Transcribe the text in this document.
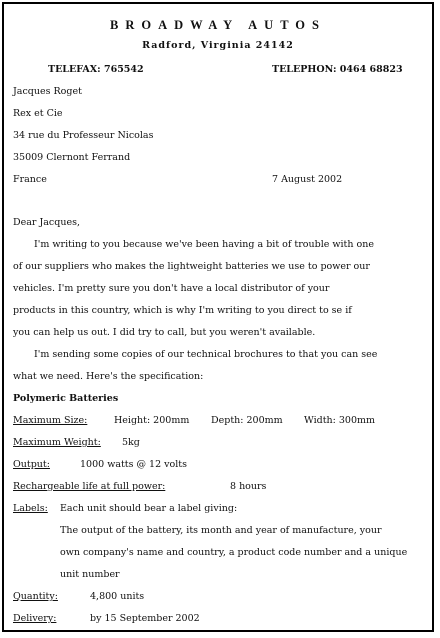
BROADWAY AUTOS
Radford, Virginia 24142
TELEFAX: 765542	TELEPHON: 0464 68823
Jacques Roget
Rex et Cie
34 rue du Professeur Nicolas
35009 Clernont Ferrand
France	7 August 2002
Dear Jacques,
I'm writing to you because we've been having a bit of trouble with one
of our suppliers who makes the lightweight batteries we use to power our
vehicles. I'm pretty sure you don't have a local distributor of your
products in this country, which is why I'm writing to you direct to se if
you can help us out. I did try to call, but you weren't available.
I'm sending some copies of our technical brochures to that you can see
what we need. Here's the specification:
Polymeric Batteries
Maximum Size:	Height: 200mm Depth: 200mm Width: 300mm
Maximum Weight: 5kg
Output:	1000 watts @ 12 volts
Rechargeable life at full power:	8 hours
Labels: Each unit should bear a label giving:
The output of the battery, its month and year of manufacture, your
own company's name and country, a product code number and a unique
unit number
Quantity:	4,800 units
Delivery:	by 15 September 2002
